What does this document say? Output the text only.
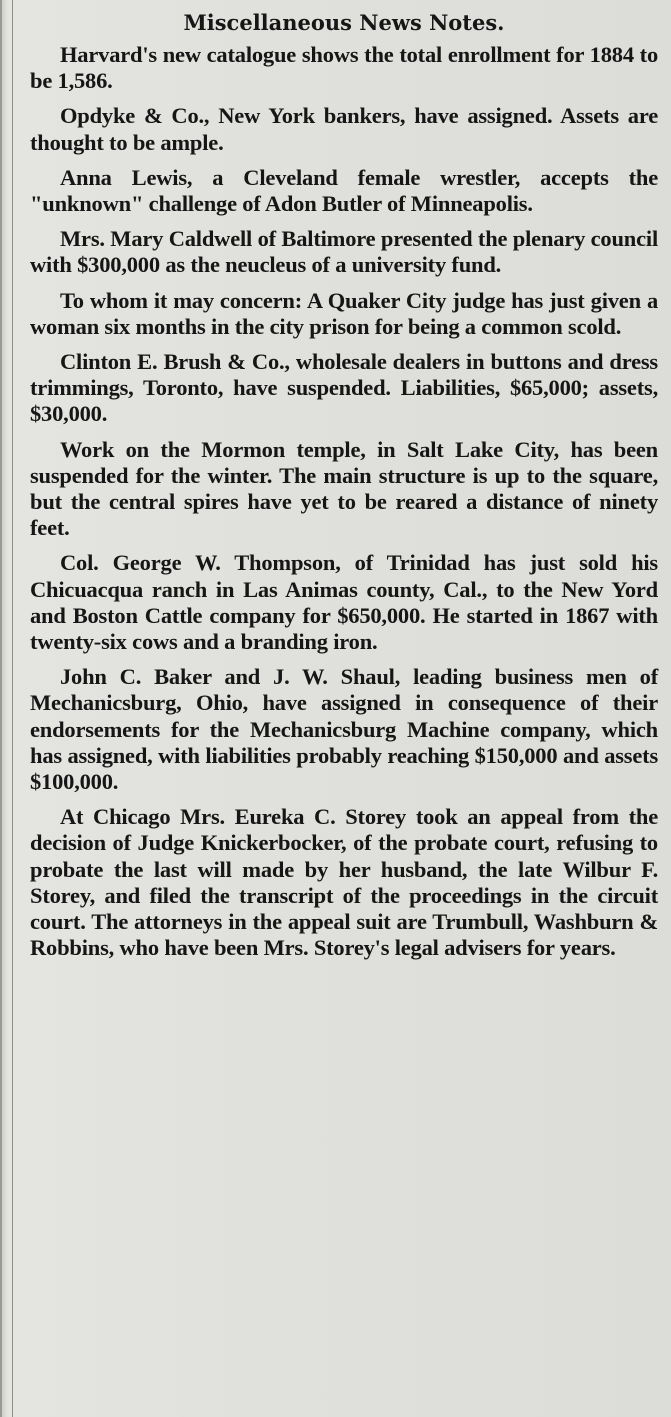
Miscellaneous News Notes.

Harvard's new catalogue shows the total enrollment for 1884 to be 1,586.

Opdyke & Co., New York bankers, have assigned. Assets are thought to be ample.

Anna Lewis, a Cleveland female wrestler, accepts the "unknown" challenge of Adon Butler of Minneapolis.

Mrs. Mary Caldwell of Baltimore presented the plenary council with $300,000 as the neucleus of a university fund.

To whom it may concern: A Quaker City judge has just given a woman six months in the city prison for being a common scold.

Clinton E. Brush & Co., wholesale dealers in buttons and dress trimmings, Toronto, have suspended. Liabilities, $65,000; assets, $30,000.

Work on the Mormon temple, in Salt Lake City, has been suspended for the winter. The main structure is up to the square, but the central spires have yet to be reared a distance of ninety feet.

Col. George W. Thompson, of Trinidad has just sold his Chicuacqua ranch in Las Animas county, Cal., to the New Yord and Boston Cattle company for $650,000. He started in 1867 with twenty-six cows and a branding iron.

John C. Baker and J. W. Shaul, leading business men of Mechanicsburg, Ohio, have assigned in consequence of their endorsements for the Mechanicsburg Machine company, which has assigned, with liabilities probably reaching $150,000 and assets $100,000.

At Chicago Mrs. Eureka C. Storey took an appeal from the decision of Judge Knickerbocker, of the probate court, refusing to probate the last will made by her husband, the late Wilbur F. Storey, and filed the transcript of the proceedings in the circuit court. The attorneys in the appeal suit are Trumbull, Washburn & Robbins, who have been Mrs. Storey's legal advisers for years.
